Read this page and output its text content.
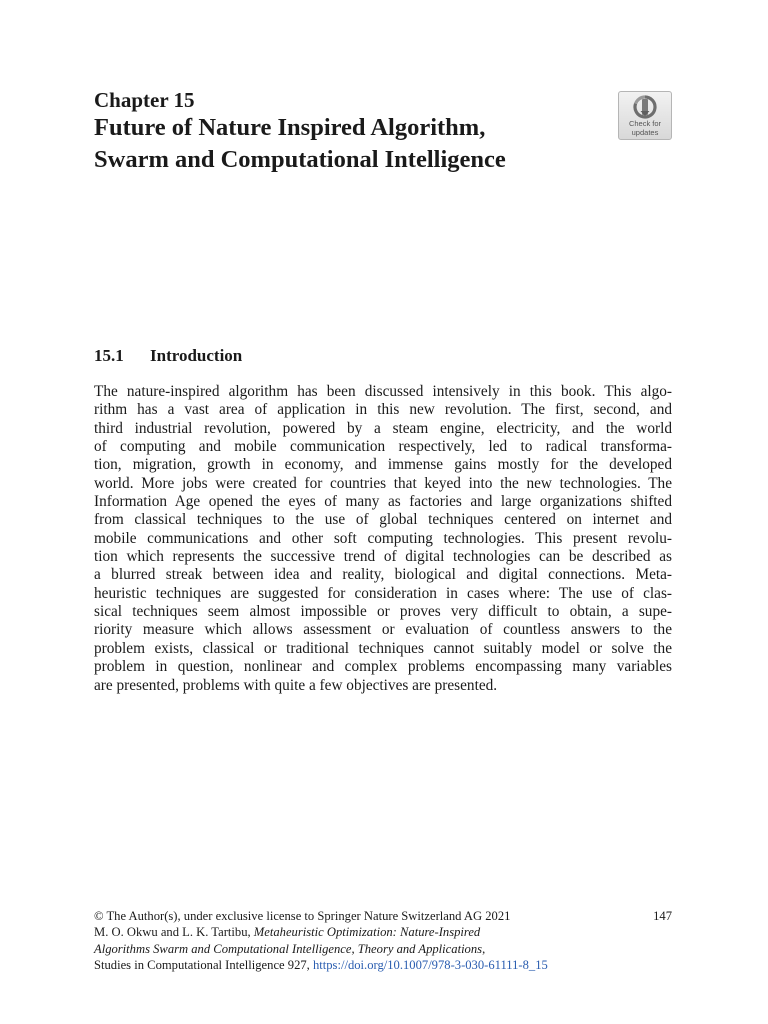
Chapter 15

Future of Nature Inspired Algorithm,
Swarm and Computational Intelligence
Check for
updates
15.1 Introduction
The nature-inspired algorithm has been discussed intensively in this book. This algo-
rithm has a vast area of application in this new revolution. The first, second, and
third industrial revolution, powered by a steam engine, electricity, and the world
of computing and mobile communication respectively, led to radical transforma-
tion, migration, growth in economy, and immense gains mostly for the developed
world. More jobs were created for countries that keyed into the new technologies. The
Information Age opened the eyes of many as factories and large organizations shifted
from classical techniques to the use of global techniques centered on internet and
mobile communications and other soft computing technologies. This present revolu-
tion which represents the successive trend of digital technologies can be described as
a blurred streak between idea and reality, biological and digital connections. Meta-
heuristic techniques are suggested for consideration in cases where: The use of clas-
sical techniques seem almost impossible or proves very difficult to obtain, a supe-
riority measure which allows assessment or evaluation of countless answers to the
problem exists, classical or traditional techniques cannot suitably model or solve the
problem in question, nonlinear and complex problems encompassing many variables
are presented, problems with quite a few objectives are presented.
© The Author(s), under exclusive license to Springer Nature Switzerland AG 2021
M. O. Okwu and L. K. Tartibu, Metaheuristic Optimization: Nature-Inspired
Algorithms Swarm and Computational Intelligence, Theory and Applications,
Studies in Computational Intelligence 927, https://doi.org/10.1007/978-3-030-61111-8_15
147
